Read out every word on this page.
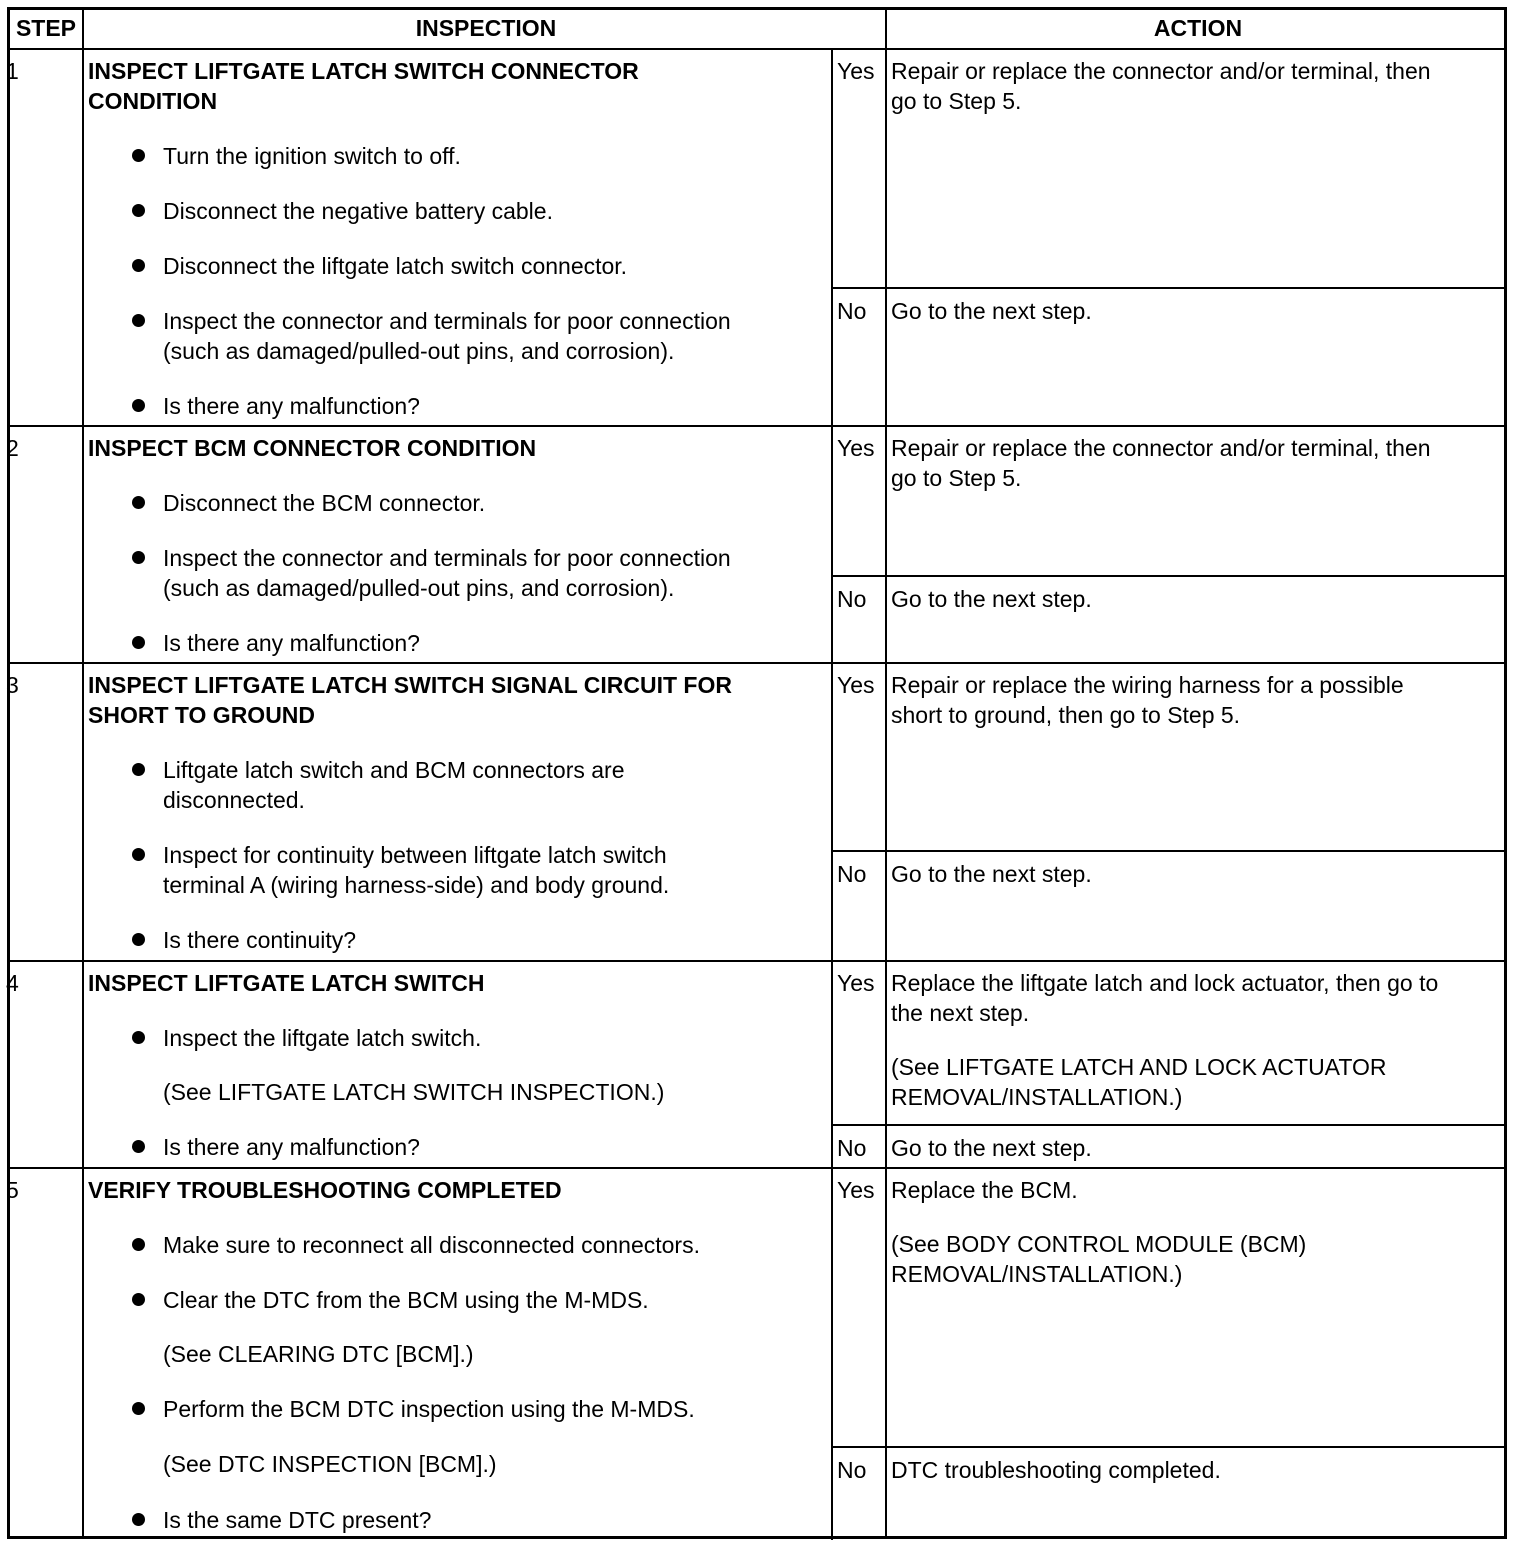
STEP	INSPECTION	ACTION
1	INSPECT LIFTGATE LATCH SWITCH CONNECTOR
CONDITION
Turn the ignition switch to off.
Disconnect the negative battery cable.
Disconnect the liftgate latch switch connector.
Inspect the connector and terminals for poor connection
(such as damaged/pulled-out pins, and corrosion).
Is there any malfunction?
Yes Repair or replace the connector and/or terminal, then
go to Step 5.
No Go to the next step.
2	INSPECT BCM CONNECTOR CONDITION
Disconnect the BCM connector.
Inspect the connector and terminals for poor connection
(such as damaged/pulled-out pins, and corrosion).
Is there any malfunction?
Yes Repair or replace the connector and/or terminal, then
go to Step 5.
No Go to the next step.
3	INSPECT LIFTGATE LATCH SWITCH SIGNAL CIRCUIT FOR
SHORT TO GROUND
Liftgate latch switch and BCM connectors are
disconnected.
Inspect for continuity between liftgate latch switch
terminal A (wiring harness-side) and body ground.
Is there continuity?
Yes Repair or replace the wiring harness for a possible
short to ground, then go to Step 5.
No Go to the next step.
4	INSPECT LIFTGATE LATCH SWITCH
Inspect the liftgate latch switch.
(See LIFTGATE LATCH SWITCH INSPECTION.)
Is there any malfunction?
Yes Replace the liftgate latch and lock actuator, then go to
the next step.
(See LIFTGATE LATCH AND LOCK ACTUATOR
REMOVAL/INSTALLATION.)
No Go to the next step.
5	VERIFY TROUBLESHOOTING COMPLETED
Make sure to reconnect all disconnected connectors.
Clear the DTC from the BCM using the M-MDS.
(See CLEARING DTC [BCM].)
Perform the BCM DTC inspection using the M-MDS.
(See DTC INSPECTION [BCM].)
Is the same DTC present?
Yes Replace the BCM.
(See BODY CONTROL MODULE (BCM)
REMOVAL/INSTALLATION.)
No DTC troubleshooting completed.
